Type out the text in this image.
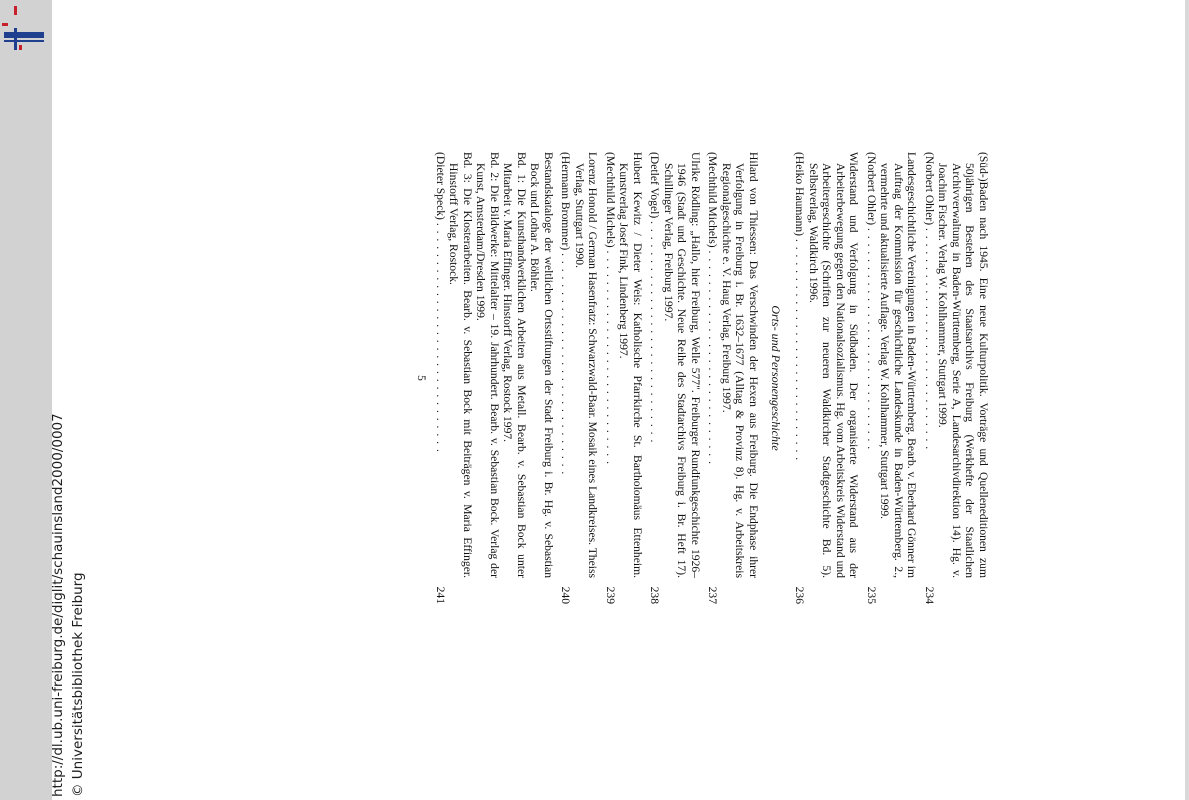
http://dl.ub.uni-freiburg.de/diglit/schauinsland2000/0007 © Universitätsbibliothek Freiburg
(Süd-)Baden nach 1945. Eine neue Kulturpolitik. Vorträge und Quelleneditionen zum 50jährigen Bestehen des Staatsarchivs Freiburg (Werkhefte der Staatlichen Archivverwaltung in Baden-Württemberg, Serie A, Landesarchivdirektion 14). Hg. v. Joachim Fischer. Verlag W. Kohlhammer, Stuttgart 1999.
(Norbert Ohler) . . . . . . . . . . . . . . . . . . . . . . . . . . . . .
234
Landesgeschichtliche Vereinigungen in Baden-Württemberg. Bearb. v. Eberhard Gönner im Auftrag der Kommission für geschichtliche Landeskunde in Baden-Württemberg. 2., vermehrte und aktualisierte Auflage. Verlag W. Kohlhammer, Stuttgart 1999.
(Norbert Ohler) . . . . . . . . . . . . . . . . . . . . . . . . . . . . .
235
Widerstand und Verfolgung in Südbaden. Der organisierte Widerstand aus der Arbeiterbewegung gegen den Nationalsozialismus. Hg. vom Arbeitskreis Widerstand und Arbeitergeschichte (Schriften zur neueren Waldkircher Stadtgeschichte Bd. 5). Selbstverlag, Waldkirch 1996.
(Heiko Haumann) . . . . . . . . . . . . . . . . . . . . . . . . . . . . .
236
Orts- und Personengeschichte
Hilard von Thiessen: Das Verschwinden der Hexen aus Freiburg. Die Endphase ihrer Verfolgung in Freiburg i. Br. 1632–1677 (Alltag & Provinz 8). Hg. v. Arbeitskreis Regionalgeschichte e. V. Haug Verlag, Freiburg 1997.
(Mechthild Michels) . . . . . . . . . . . . . . . . . . . . . . . . . . . .
237
Ulrike Rödling: „Hallo, hier Freiburg, Welle 577". Freiburger Rundfunkgeschichte 1926–1946 (Stadt und Geschichte. Neue Reihe des Stadtarchivs Freiburg i. Br. Heft 17). Schillinger Verlag, Freiburg 1997.
(Detlef Vogel) . . . . . . . . . . . . . . . . . . . . . . . . . . . . .
238
Hubert Kewitz / Dieter Weis: Katholische Pfarrkirche St. Bartholomäus Ettenheim. Kunstverlag Josef Fink, Lindenberg 1997.
(Mechthild Michels) . . . . . . . . . . . . . . . . . . . . . . . . . . . .
239
Lorenz Honold / German Hasenfratz: Schwarzwald-Baar. Mosaik eines Landkreises. Theiss Verlag, Stuttgart 1990.
(Hermann Brommer) . . . . . . . . . . . . . . . . . . . . . . . . . . . . .
240
Bestandskataloge der weltlichen Ortsstiftungen der Stadt Freiburg i. Br. Hg. v. Sebastian Bock und Lothar A. Böhler.
Bd. 1: Die Kunsthandwerklichen Arbeiten aus Metall. Bearb. v. Sebastian Bock unter Mitarbeit v. Maria Effinger. Hinstorff Verlag, Rostock 1997.
Bd. 2: Die Bildwerke: Mittelalter – 19. Jahrhundert. Bearb. v. Sebastian Bock. Verlag der Kunst, Amsterdam/Dresden 1999.
Bd. 3: Die Klosterarbeiten. Bearb. v. Sebastian Bock mit Beiträgen v. Maria Effinger. Hinstorff Verlag, Rostock.
(Dieter Speck) . . . . . . . . . . . . . . . . . . . . . . . . . . . . . .
241
5
